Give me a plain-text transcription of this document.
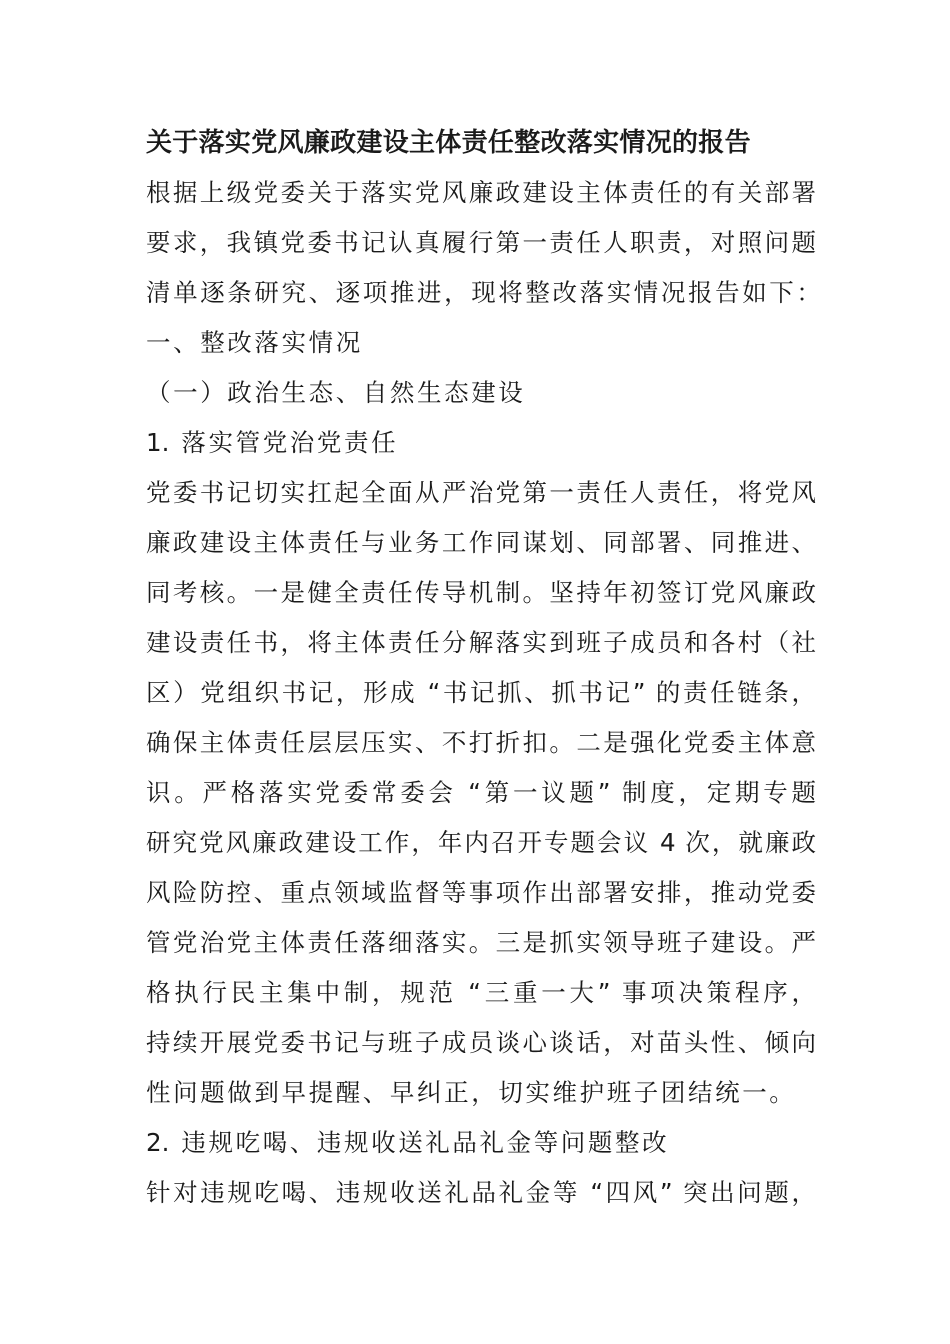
关于落实党风廉政建设主体责任整改落实情况的报告
根据上级党委关于落实党风廉政建设主体责任的有关部署
要求，我镇党委书记认真履行第一责任人职责，对照问题
清单逐条研究、逐项推进，现将整改落实情况报告如下：
一、整改落实情况
（一）政治生态、自然生态建设
1. 落实管党治党责任
党委书记切实扛起全面从严治党第一责任人责任，将党风
廉政建设主体责任与业务工作同谋划、同部署、同推进、
同考核。一是健全责任传导机制。坚持年初签订党风廉政
建设责任书，将主体责任分解落实到班子成员和各村（社
区）党组织书记，形成 “书记抓、抓书记” 的责任链条，
确保主体责任层层压实、不打折扣。二是强化党委主体意
识。严格落实党委常委会 “第一议题” 制度，定期专题
研究党风廉政建设工作，年内召开专题会议 4 次，就廉政
风险防控、重点领域监督等事项作出部署安排，推动党委
管党治党主体责任落细落实。三是抓实领导班子建设。严
格执行民主集中制，规范 “三重一大” 事项决策程序，
持续开展党委书记与班子成员谈心谈话，对苗头性、倾向
性问题做到早提醒、早纠正，切实维护班子团结统一。
2. 违规吃喝、违规收送礼品礼金等问题整改
针对违规吃喝、违规收送礼品礼金等 “四风” 突出问题，
